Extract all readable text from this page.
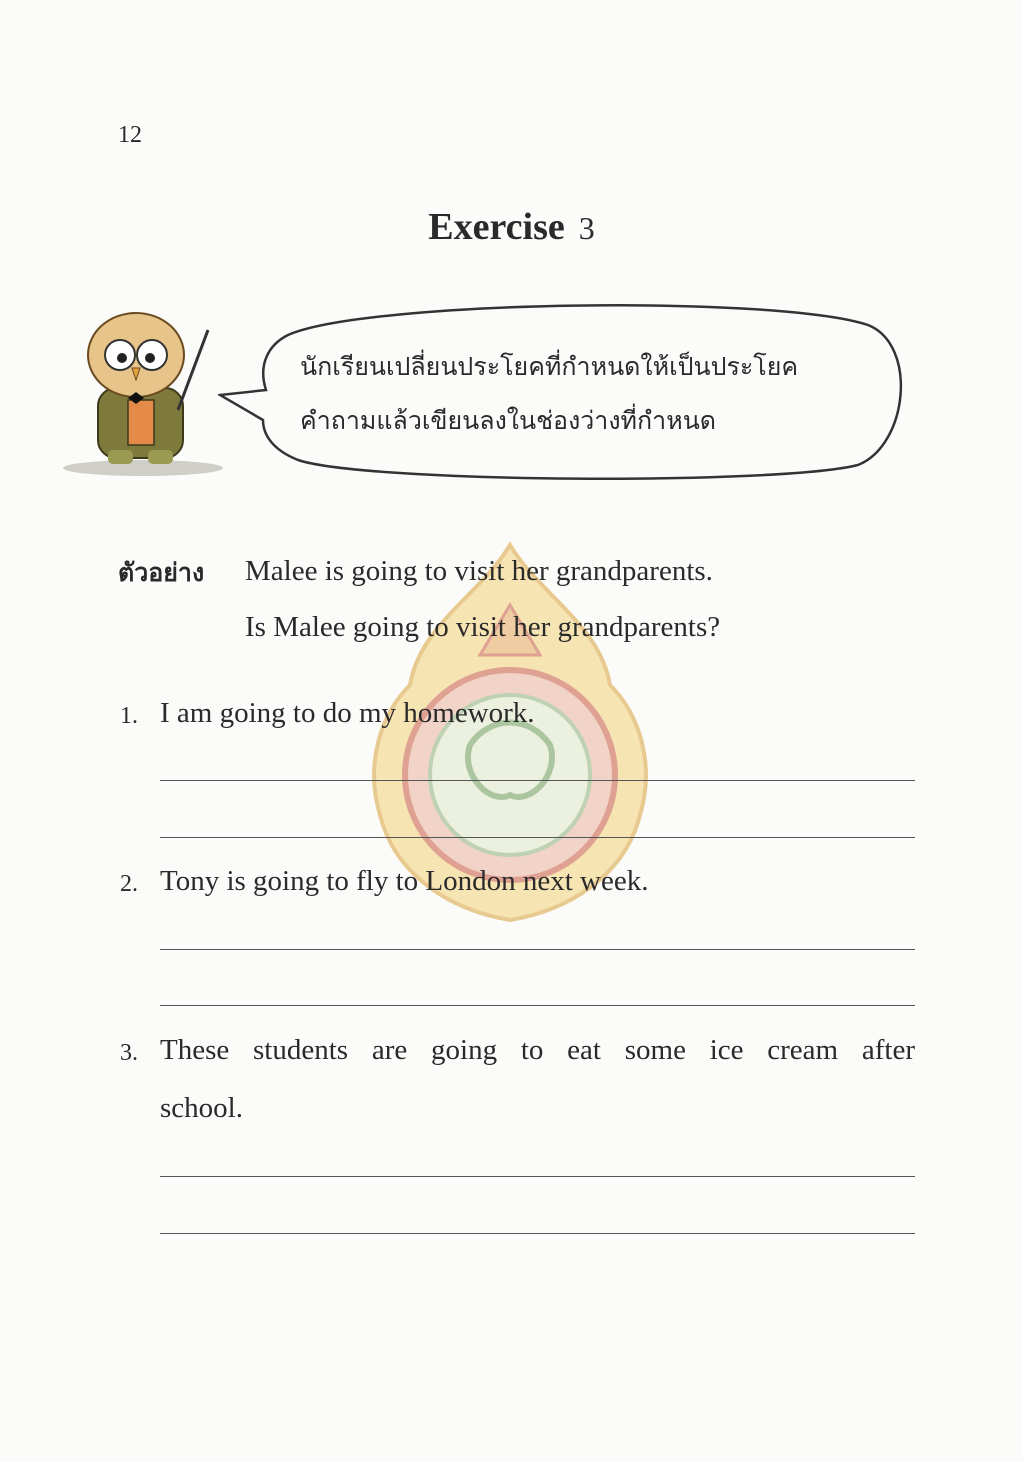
12
Exercise 3
นักเรียนเปลี่ยนประโยคที่กำหนดให้เป็นประโยค
คำถามแล้วเขียนลงในช่องว่างที่กำหนด
ตัวอย่าง Malee is going to visit her grandparents.
Is Malee going to visit her grandparents?
1. I am going to do my homework.
2. Tony is going to fly to London next week.
3. These students are going to eat some ice cream after
school.
